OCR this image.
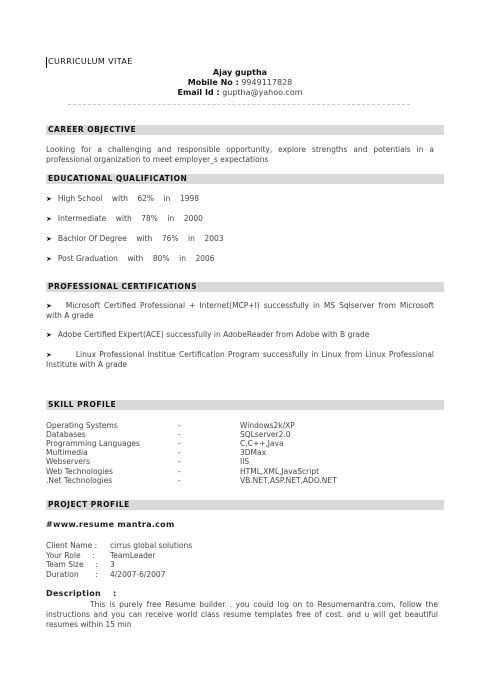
CURRICULUM VITAE
Ajay guptha
Mobile No : 9949117828
Email Id : guptha@yahoo.com
CAREER OBJECTIVE
Looking for a challenging and responsible opportunity, explore strengths and potentials in a professional organization to meet employer_s expectations
EDUCATIONAL QUALIFICATION
➤ High School    with    62%    in    1998
➤ Intermediate    with    78%    in    2000
➤ Bachlor Of Degree    with    76%    in    2003
➤ Post Graduation    with    80%    in    2006
PROFESSIONAL CERTIFICATIONS
➤ Microsoft Certified Professional + Internet(MCP+I) successfully in MS Sqlserver from Microsoft with A grade
➤ Adobe Certified Expert(ACE) successfully in AdobeReader from Adobe with B grade
➤	Linux Professional Institue Certification Program successfully in Linux from Linux Professional Institute with A grade
SKILL PROFILE
Operating Systems	-	Windows2k/XP
Databases	-	SQLserver2.0
Programming Languages	-	C,C++,Java
Multimedia	-	3DMax
Webservers	-	IIS
Web Technologies	-	HTML,XML,JavaScript
.Net Technologies	-	VB.NET,ASP.NET,ADO.NET
PROJECT PROFILE
#www.resume mantra.com
Client Name : cirrus global solutions
Your Role     : TeamLeader
Team Size     : 3
Duration       : 4/2007-6/2007
Description :
This is purely free Resume builder . you could log on to Resumemantra.com, follow the instructions and you can receive world class resume templates free of cost. and u will get beautiful resumes within 15 min
